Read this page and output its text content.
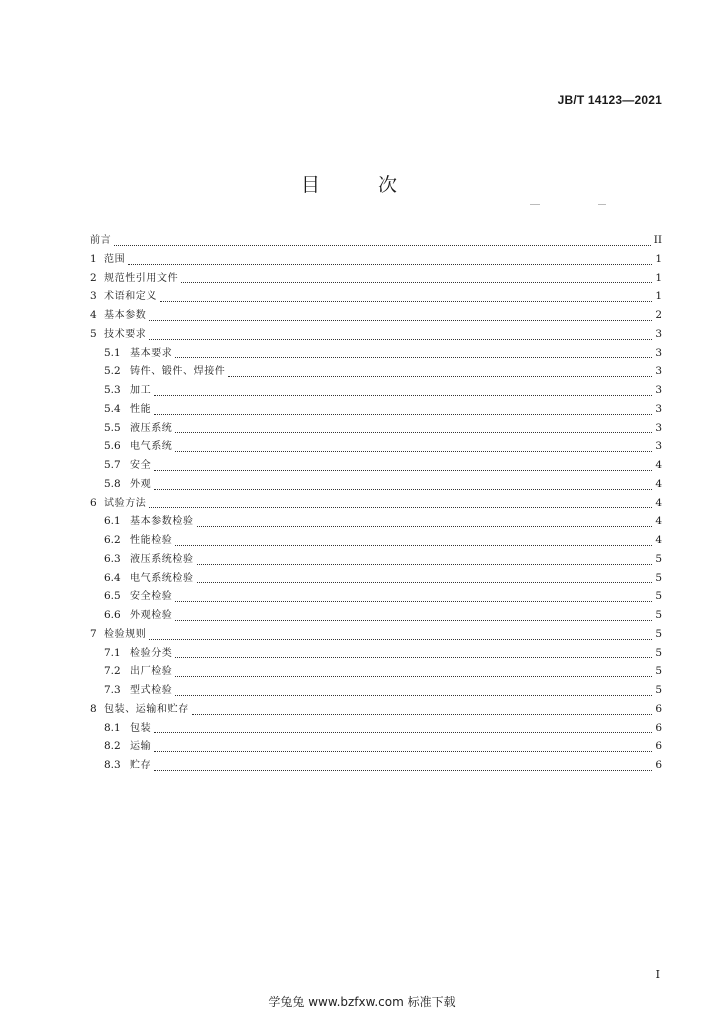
JB/T 14123—2021
目 次
前言	II
1 范围	1
2 规范性引用文件	1
3 术语和定义	1
4 基本参数	2
5 技术要求	3
5.1 基本要求	3
5.2 铸件、锻件、焊接件	3
5.3 加工	3
5.4 性能	3
5.5 液压系统	3
5.6 电气系统	3
5.7 安全	4
5.8 外观	4
6 试验方法	4
6.1 基本参数检验	4
6.2 性能检验	4
6.3 液压系统检验	5
6.4 电气系统检验	5
6.5 安全检验	5
6.6 外观检验	5
7 检验规则	5
7.1 检验分类	5
7.2 出厂检验	5
7.3 型式检验	5
8 包装、运输和贮存	6
8.1 包装	6
8.2 运输	6
8.3 贮存	6
I
学兔兔 www.bzfxw.com 标准下载
